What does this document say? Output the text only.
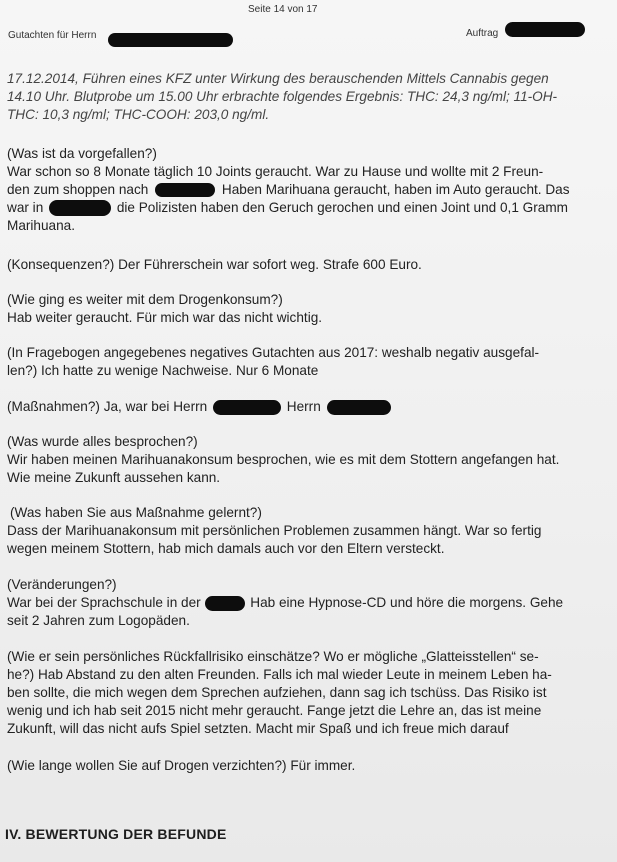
Seite 14 von 17
Gutachten für Herrn	Auftrag
17.12.2014, Führen eines KFZ unter Wirkung des berauschenden Mittels Cannabis gegen
14.10 Uhr. Blutprobe um 15.00 Uhr erbrachte folgendes Ergebnis: THC: 24,3 ng/ml; 11-OH-
THC: 10,3 ng/ml; THC-COOH: 203,0 ng/ml.
(Was ist da vorgefallen?)
War schon so 8 Monate täglich 10 Joints geraucht. War zu Hause und wollte mit 2 Freun-
den zum shoppen nach	Haben Marihuana geraucht, haben im Auto geraucht. Das
war in	die Polizisten haben den Geruch gerochen und einen Joint und 0,1 Gramm
Marihuana.
(Konsequenzen?) Der Führerschein war sofort weg. Strafe 600 Euro.
(Wie ging es weiter mit dem Drogenkonsum?)
Hab weiter geraucht. Für mich war das nicht wichtig.
(In Fragebogen angegebenes negatives Gutachten aus 2017: weshalb negativ ausgefal-
len?) Ich hatte zu wenige Nachweise. Nur 6 Monate
(Maßnahmen?) Ja, war bei Herrn	Herrn
(Was wurde alles besprochen?)
Wir haben meinen Marihuanakonsum besprochen, wie es mit dem Stottern angefangen hat.
Wie meine Zukunft aussehen kann.
(Was haben Sie aus Maßnahme gelernt?)
Dass der Marihuanakonsum mit persönlichen Problemen zusammen hängt. War so fertig
wegen meinem Stottern, hab mich damals auch vor den Eltern versteckt.
(Veränderungen?)
War bei der Sprachschule in der	Hab eine Hypnose-CD und höre die morgens. Gehe
seit 2 Jahren zum Logopäden.
(Wie er sein persönliches Rückfallrisiko einschätze? Wo er mögliche „Glatteisstellen“ se-
he?) Hab Abstand zu den alten Freunden. Falls ich mal wieder Leute in meinem Leben ha-
ben sollte, die mich wegen dem Sprechen aufziehen, dann sag ich tschüss. Das Risiko ist
wenig und ich hab seit 2015 nicht mehr geraucht. Fange jetzt die Lehre an, das ist meine
Zukunft, will das nicht aufs Spiel setzten. Macht mir Spaß und ich freue mich darauf
(Wie lange wollen Sie auf Drogen verzichten?) Für immer.
IV. BEWERTUNG DER BEFUNDE
